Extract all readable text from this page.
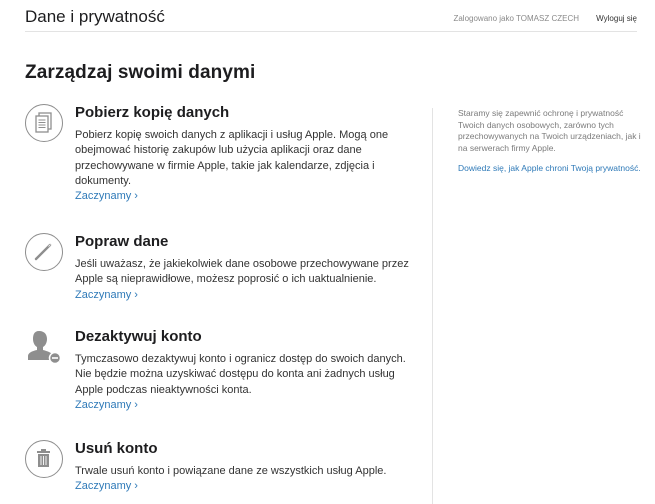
Dane i prywatność	Zalogowano jako TOMASZ CZECH Wyloguj się
Zarządzaj swoimi danymi
Pobierz kopię danych
Pobierz kopię swoich danych z aplikacji i usług Apple. Mogą one obejmować historię zakupów lub użycia aplikacji oraz dane przechowywane w firmie Apple, takie jak kalendarze, zdjęcia i dokumenty.
Zaczynamy ›
Popraw dane
Jeśli uważasz, że jakiekolwiek dane osobowe przechowywane przez Apple są nieprawidłowe, możesz poprosić o ich uaktualnienie.
Zaczynamy ›
Dezaktywuj konto
Tymczasowo dezaktywuj konto i ogranicz dostęp do swoich danych. Nie będzie można uzyskiwać dostępu do konta ani żadnych usług Apple podczas nieaktywności konta.
Zaczynamy ›
Usuń konto
Trwale usuń konto i powiązane dane ze wszystkich usług Apple.
Zaczynamy ›
Staramy się zapewnić ochronę i prywatność Twoich danych osobowych, zarówno tych przechowywanych na Twoich urządzeniach, jak i na serwerach firmy Apple.
Dowiedz się, jak Apple chroni Twoją prywatność.
